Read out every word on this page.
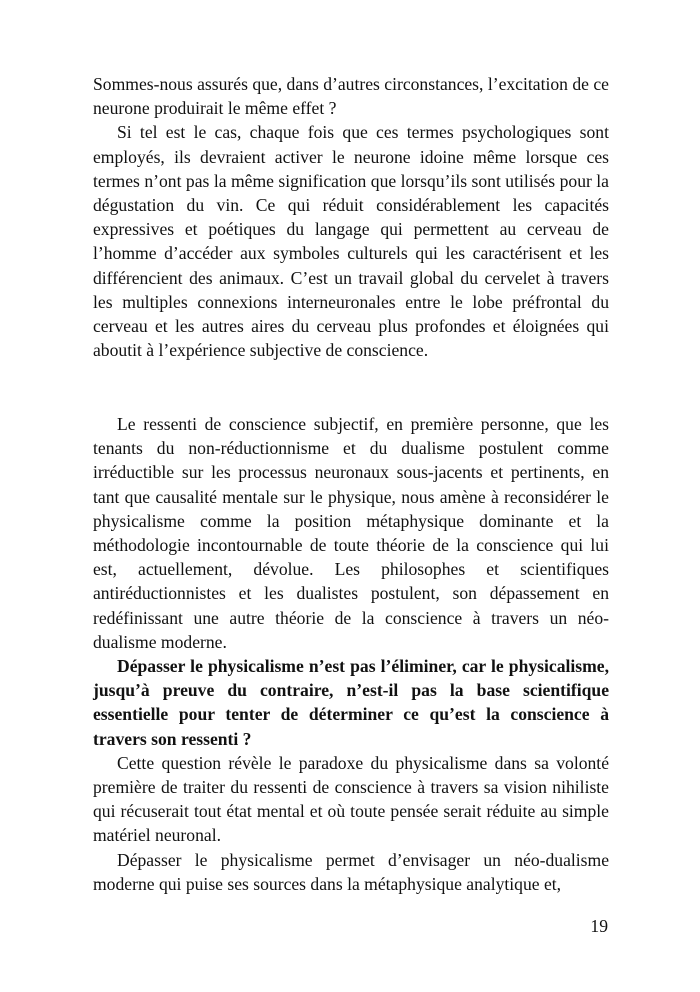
Sommes-nous assurés que, dans d’autres circonstances, l’excitation de ce neurone produirait le même effet ?

Si tel est le cas, chaque fois que ces termes psychologiques sont employés, ils devraient activer le neurone idoine même lorsque ces termes n’ont pas la même signification que lorsqu’ils sont utilisés pour la dégustation du vin. Ce qui réduit considérablement les capacités expressives et poétiques du langage qui permettent au cerveau de l’homme d’accéder aux symboles culturels qui les caractérisent et les différencient des animaux. C’est un travail global du cervelet à travers les multiples connexions interneuronales entre le lobe préfrontal du cerveau et les autres aires du cerveau plus profondes et éloignées qui aboutit à l’expérience subjective de conscience.

Le ressenti de conscience subjectif, en première personne, que les tenants du non-réductionnisme et du dualisme postulent comme irréductible sur les processus neuronaux sous-jacents et pertinents, en tant que causalité mentale sur le physique, nous amène à reconsidérer le physicalisme comme la position métaphysique dominante et la méthodologie incontournable de toute théorie de la conscience qui lui est, actuellement, dévolue. Les philosophes et scientifiques antiréductionnistes et les dualistes postulent, son dépassement en redéfinissant une autre théorie de la conscience à travers un néo-dualisme moderne.

Dépasser le physicalisme n’est pas l’éliminer, car le physicalisme, jusqu’à preuve du contraire, n’est-il pas la base scientifique essentielle pour tenter de déterminer ce qu’est la conscience à travers son ressenti ?

Cette question révèle le paradoxe du physicalisme dans sa volonté première de traiter du ressenti de conscience à travers sa vision nihiliste qui récuserait tout état mental et où toute pensée serait réduite au simple matériel neuronal.

Dépasser le physicalisme permet d’envisager un néo-dualisme moderne qui puise ses sources dans la métaphysique analytique et,

19
